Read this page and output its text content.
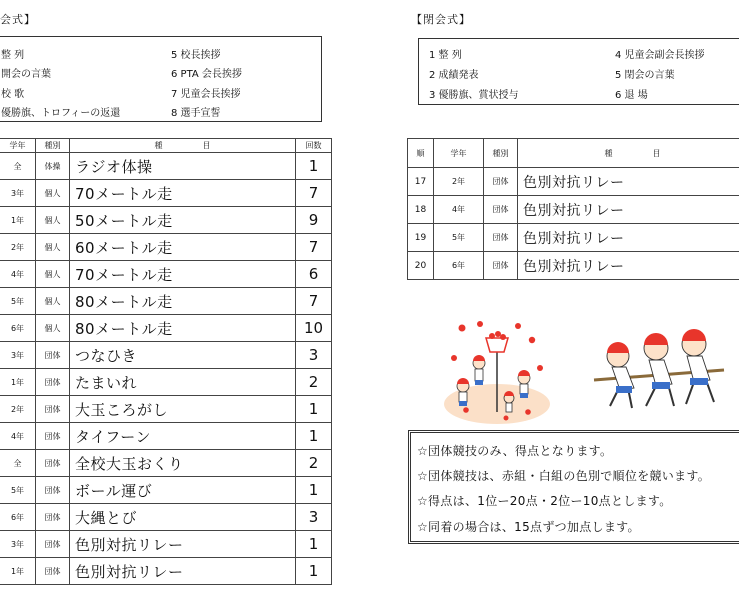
会式】
整 列
開会の言葉
校 歌
優勝旗、トロフィーの返還
5 校長挨拶
6 PTA 会長挨拶
7 児童会長挨拶
8 選手宣誓
学年	種別	種　　　　　目	回数
全	体操	ラジオ体操	1
3年	個人	70メートル走	7
1年	個人	50メートル走	9
2年	個人	60メートル走	7
4年	個人	70メートル走	6
5年	個人	80メートル走	7
6年	個人	80メートル走	10
3年	団体	つなひき	3
1年	団体	たまいれ	2
2年	団体	大玉ころがし	1
4年	団体	タイフーン	1
全	団体	全校大玉おくり	2
5年	団体	ボール運び	1
6年	団体	大縄とび	3
3年	団体	色別対抗リレー	1
1年	団体	色別対抗リレー	1
【閉会式】
1 整 列
2 成績発表
3 優勝旗、賞状授与
4 児童会副会長挨拶
5 閉会の言葉
6 退 場
順	学年	種別	種　　　　　目
17	2年	団体	色別対抗リレー
18	4年	団体	色別対抗リレー
19	5年	団体	色別対抗リレー
20	6年	団体	色別対抗リレー
☆団体競技のみ、得点となります。
☆団体競技は、赤組・白組の色別で順位を競います。
☆得点は、1位ー20点・2位ー10点とします。
☆同着の場合は、15点ずつ加点します。
